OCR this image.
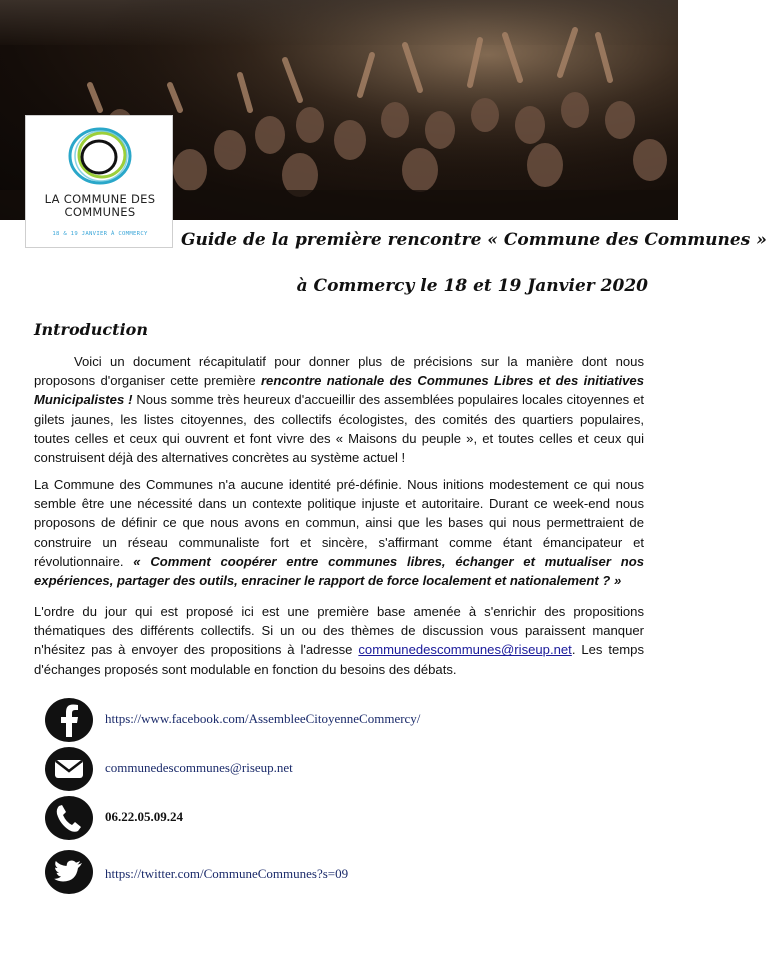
LA COMMUNE DES
COMMUNES
18 & 19 JANVIER À COMMERCY	Guide de la première rencontre « Commune des Communes »
à Commercy le 18 et 19 Janvier 2020
Introduction
Voici un document récapitulatif pour donner plus de précisions sur la manière dont nous proposons d'organiser cette première rencontre nationale des Communes Libres et des initiatives Municipalistes ! Nous somme très heureux d'accueillir des assemblées populaires locales citoyennes et gilets jaunes, les listes citoyennes, des collectifs écologistes, des comités des quartiers populaires, toutes celles et ceux qui ouvrent et font vivre des « Maisons du peuple », et toutes celles et ceux qui construisent déjà des alternatives concrètes au système actuel !
La Commune des Communes n'a aucune identité pré-définie. Nous initions modestement ce qui nous semble être une nécessité dans un contexte politique injuste et autoritaire. Durant ce week-end nous proposons de définir ce que nous avons en commun, ainsi que les bases qui nous permettraient de construire un réseau communaliste fort et sincère, s'affirmant comme étant émancipateur et révolutionnaire. « Comment coopérer entre communes libres, échanger et mutualiser nos expériences, partager des outils, enraciner le rapport de force localement et nationalement ? »
L'ordre du jour qui est proposé ici est une première base amenée à s'enrichir des propositions thématiques des différents collectifs. Si un ou des thèmes de discussion vous paraissent manquer n'hésitez pas à envoyer des propositions à l'adresse communedescommunes@riseup.net. Les temps d'échanges proposés sont modulable en fonction du besoins des débats.
https://www.facebook.com/AssembleeCitoyenneCommercy/
communedescommunes@riseup.net
06.22.05.09.24
https://twitter.com/CommuneCommunes?s=09
